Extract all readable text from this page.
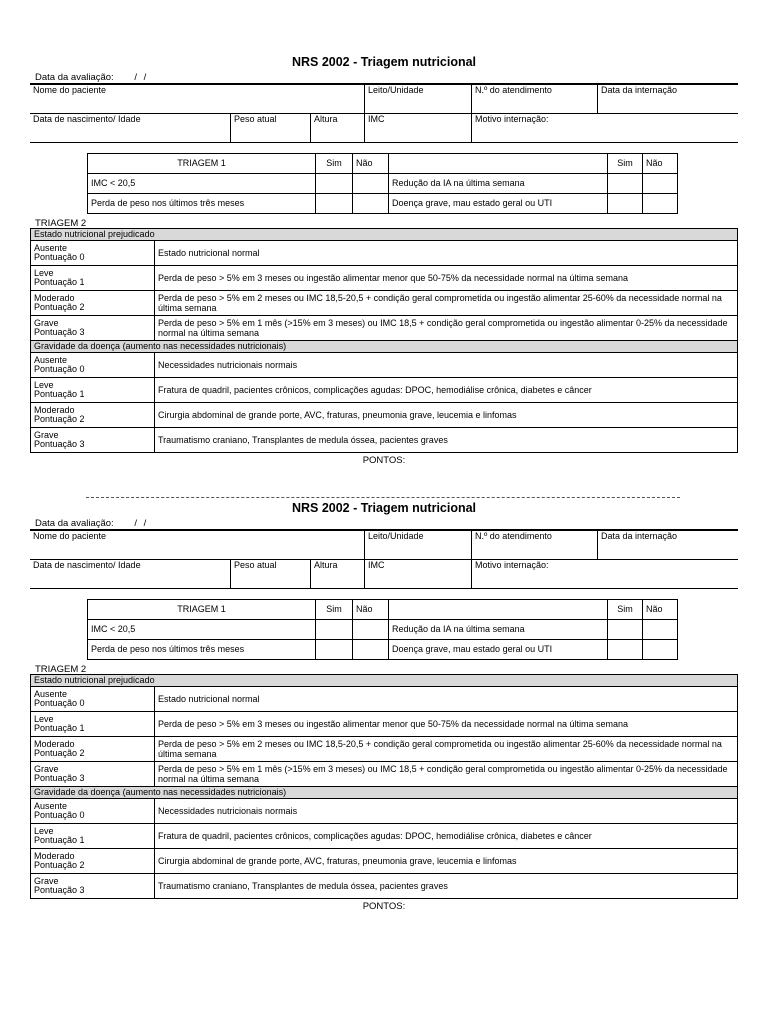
NRS 2002 - Triagem nutricional
Data da avaliação: / /
Nome do paciente			Leito/Unidade	N.º do atendimento	Data da internação
Data de nascimento/ Idade	Peso atual	Altura	IMC	Motivo internação:	
TRIAGEM 1	Sim	Não		Sim	Não
IMC < 20,5			Redução da IA na última semana		
Perda de peso nos últimos três meses			Doença grave, mau estado geral ou UTI		
TRIAGEM 2
Estado nutricional prejudicado	
Ausente
Pontuação 0	Estado nutricional normal
Leve
Pontuação 1	Perda de peso > 5% em 3 meses ou ingestão alimentar menor que 50-75% da necessidade normal na última semana
Moderado
Pontuação 2	Perda de peso > 5% em 2 meses ou IMC 18,5-20,5 + condição geral comprometida ou ingestão alimentar 25-60% da necessidade normal na última semana
Grave
Pontuação 3	Perda de peso > 5% em 1 mês (>15% em 3 meses) ou IMC 18,5 + condição geral comprometida ou ingestão alimentar 0-25% da necessidade normal na última semana
Gravidade da doença (aumento nas necessidades nutricionais)	
Ausente
Pontuação 0	Necessidades nutricionais normais
Leve
Pontuação 1	Fratura de quadril, pacientes crônicos, complicações agudas: DPOC, hemodiálise crônica, diabetes e câncer
Moderado
Pontuação 2	Cirurgia abdominal de grande porte, AVC, fraturas, pneumonia grave, leucemia e linfomas
Grave
Pontuação 3	Traumatismo craniano, Transplantes de medula óssea, pacientes graves
PONTOS:
NRS 2002 - Triagem nutricional
Data da avaliação: / /
Nome do paciente			Leito/Unidade	N.º do atendimento	Data da internação
Data de nascimento/ Idade	Peso atual	Altura	IMC	Motivo internação:	
TRIAGEM 1	Sim	Não		Sim	Não
IMC < 20,5			Redução da IA na última semana		
Perda de peso nos últimos três meses			Doença grave, mau estado geral ou UTI		
TRIAGEM 2
Estado nutricional prejudicado	
Ausente
Pontuação 0	Estado nutricional normal
Leve
Pontuação 1	Perda de peso > 5% em 3 meses ou ingestão alimentar menor que 50-75% da necessidade normal na última semana
Moderado
Pontuação 2	Perda de peso > 5% em 2 meses ou IMC 18,5-20,5 + condição geral comprometida ou ingestão alimentar 25-60% da necessidade normal na última semana
Grave
Pontuação 3	Perda de peso > 5% em 1 mês (>15% em 3 meses) ou IMC 18,5 + condição geral comprometida ou ingestão alimentar 0-25% da necessidade normal na última semana
Gravidade da doença (aumento nas necessidades nutricionais)	
Ausente
Pontuação 0	Necessidades nutricionais normais
Leve
Pontuação 1	Fratura de quadril, pacientes crônicos, complicações agudas: DPOC, hemodiálise crônica, diabetes e câncer
Moderado
Pontuação 2	Cirurgia abdominal de grande porte, AVC, fraturas, pneumonia grave, leucemia e linfomas
Grave
Pontuação 3	Traumatismo craniano, Transplantes de medula óssea, pacientes graves
PONTOS:
